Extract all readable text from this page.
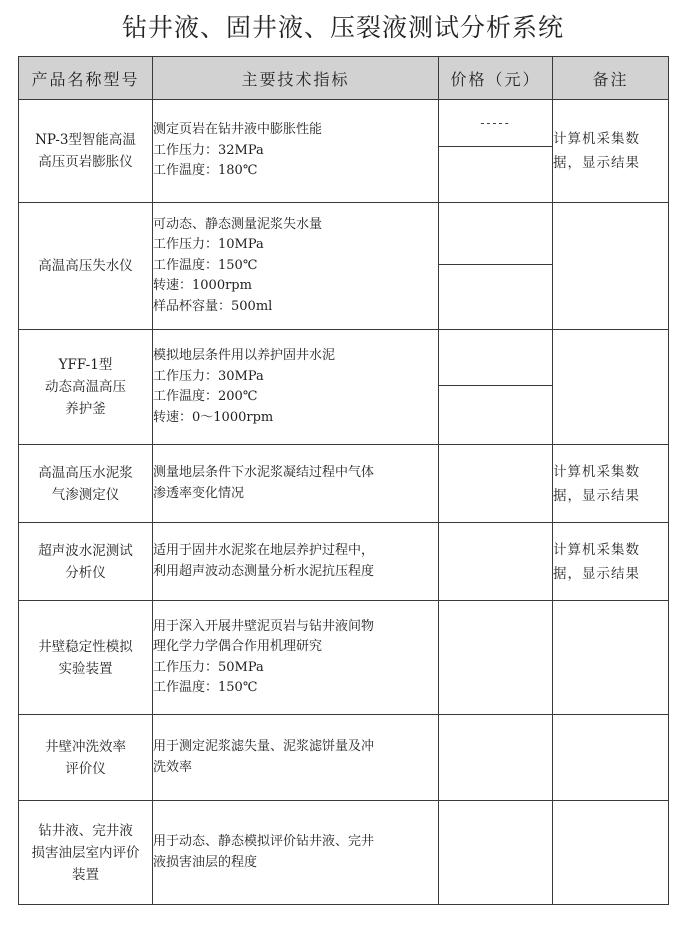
钻井液、固井液、压裂液测试分析系统
产品名称型号	主要技术指标	价格（元）	备注

NP-3型智能高温
高压页岩膨胀仪	测定页岩在钻井液中膨胀性能
工作压力：32MPa
工作温度：180℃	-----	计算机采集数
据，显示结果

高温高压失水仪	可动态、静态测量泥浆失水量
工作压力：10MPa
工作温度：150℃
转速：1000rpm
样品杯容量：500ml		

YFF-1型
动态高温高压
养护釜	模拟地层条件用以养护固井水泥
工作压力：30MPa
工作温度：200℃
转速：0～1000rpm		

高温高压水泥浆
气渗测定仪	测量地层条件下水泥浆凝结过程中气体
渗透率变化情况		计算机采集数
据，显示结果

超声波水泥测试
分析仪	适用于固井水泥浆在地层养护过程中，
利用超声波动态测量分析水泥抗压程度		计算机采集数
据，显示结果

井壁稳定性模拟
实验装置	用于深入开展井壁泥页岩与钻井液间物
理化学力学偶合作用机理研究
工作压力：50MPa
工作温度：150℃		

井壁冲洗效率
评价仪	用于测定泥浆滤失量、泥浆滤饼量及冲
洗效率		

钻井液、完井液
损害油层室内评价
装置	用于动态、静态模拟评价钻井液、完井
液损害油层的程度		
